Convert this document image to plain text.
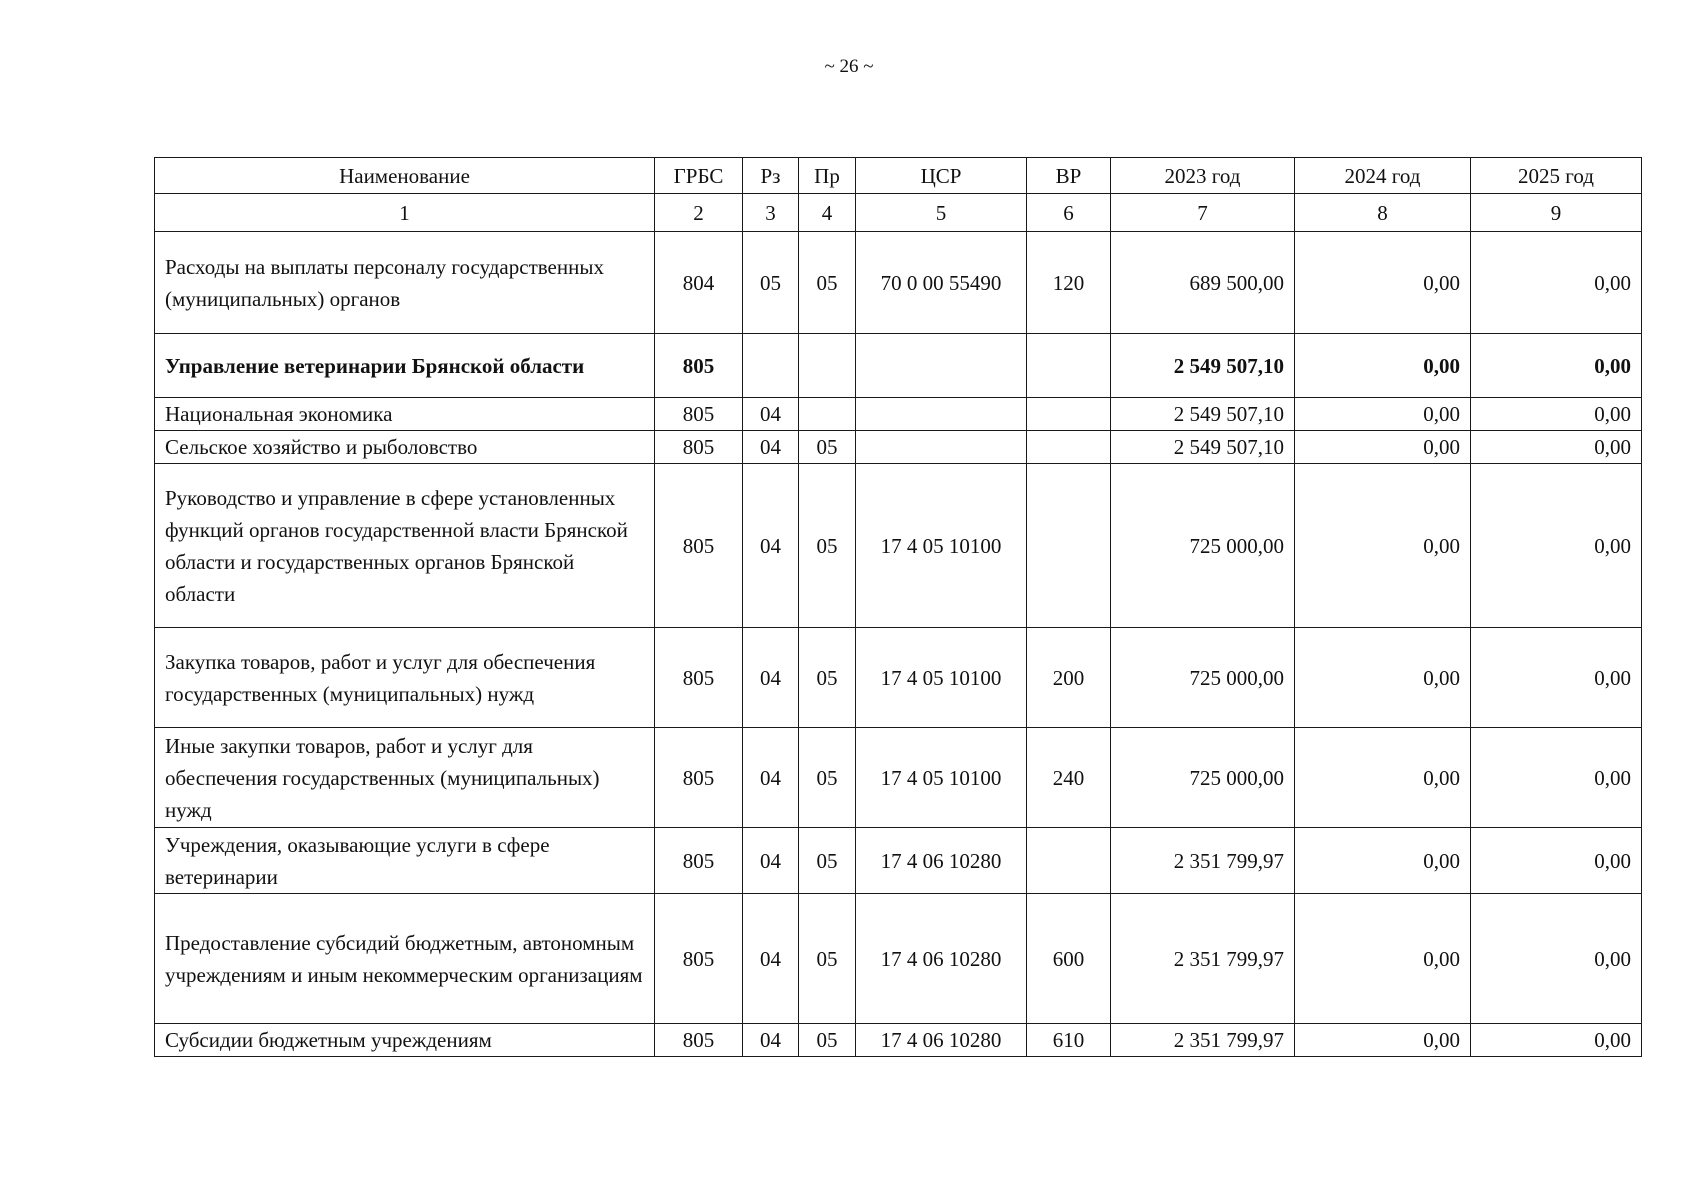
~ 26 ~
Наименование	ГРБС	Рз	Пр	ЦСР	ВР	2023 год	2024 год	2025 год
1	2	3	4	5	6	7	8	9
Расходы на выплаты персоналу государственных (муниципальных) органов	804	05	05	70 0 00 55490	120	689 500,00	0,00	0,00
Управление ветеринарии Брянской области	805					2 549 507,10	0,00	0,00
Национальная экономика	805	04				2 549 507,10	0,00	0,00
Сельское хозяйство и рыболовство	805	04	05			2 549 507,10	0,00	0,00
Руководство и управление в сфере установленных функций органов государственной власти Брянской области и государственных органов Брянской области	805	04	05	17 4 05 10100		725 000,00	0,00	0,00
Закупка товаров, работ и услуг для обеспечения государственных (муниципальных) нужд	805	04	05	17 4 05 10100	200	725 000,00	0,00	0,00
Иные закупки товаров, работ и услуг для обеспечения государственных (муниципальных) нужд	805	04	05	17 4 05 10100	240	725 000,00	0,00	0,00
Учреждения, оказывающие услуги в сфере ветеринарии	805	04	05	17 4 06 10280		2 351 799,97	0,00	0,00
Предоставление субсидий бюджетным, автономным учреждениям и иным некоммерческим организациям	805	04	05	17 4 06 10280	600	2 351 799,97	0,00	0,00
Субсидии бюджетным учреждениям	805	04	05	17 4 06 10280	610	2 351 799,97	0,00	0,00
